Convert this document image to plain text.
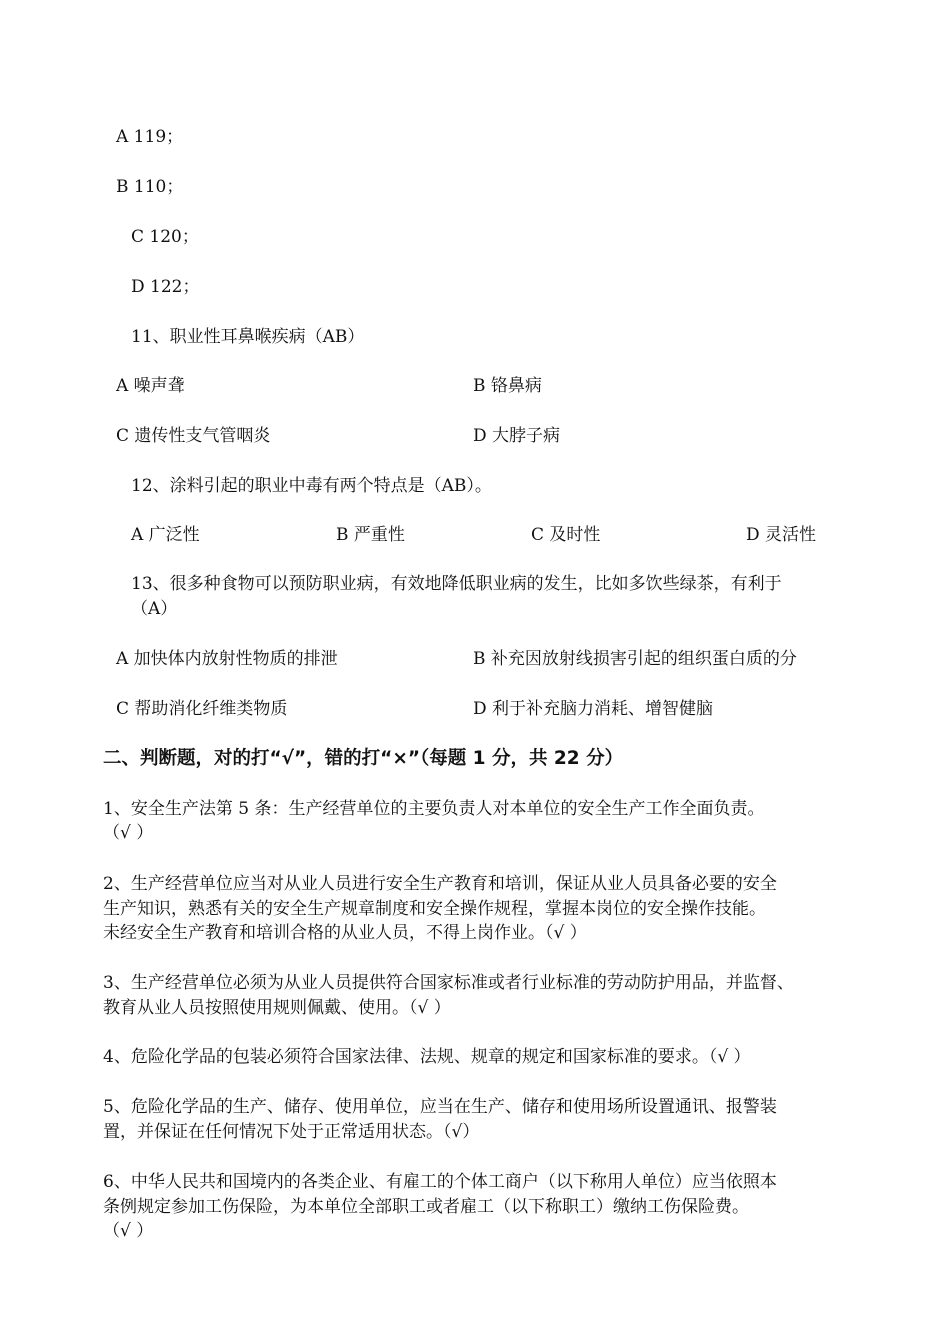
A 119；
B 110；
C 120；
D 122；
11、职业性耳鼻喉疾病（AB）
A 噪声聋	B 铬鼻病
C 遗传性支气管咽炎	D 大脖子病
12、涂料引起的职业中毒有两个特点是（AB）。
A 广泛性	B 严重性	C 及时性	D 灵活性
13、很多种食物可以预防职业病，有效地降低职业病的发生，比如多饮些绿茶，有利于
（A）
A 加快体内放射性物质的排泄	B 补充因放射线损害引起的组织蛋白质的分
C 帮助消化纤维类物质	D 利于补充脑力消耗、增智健脑
二、判断题，对的打“√”，错的打“×”（每题 1 分，共 22 分）
1、安全生产法第 5 条：生产经营单位的主要负责人对本单位的安全生产工作全面负责。
（√ ）
2、生产经营单位应当对从业人员进行安全生产教育和培训，保证从业人员具备必要的安全
生产知识，熟悉有关的安全生产规章制度和安全操作规程，掌握本岗位的安全操作技能。
未经安全生产教育和培训合格的从业人员，不得上岗作业。（√ ）
3、生产经营单位必须为从业人员提供符合国家标准或者行业标准的劳动防护用品，并监督、
教育从业人员按照使用规则佩戴、使用。（√ ）
4、危险化学品的包装必须符合国家法律、法规、规章的规定和国家标准的要求。（√ ）
5、危险化学品的生产、储存、使用单位，应当在生产、储存和使用场所设置通讯、报警装
置，并保证在任何情况下处于正常适用状态。（√）
6、中华人民共和国境内的各类企业、有雇工的个体工商户（以下称用人单位）应当依照本
条例规定参加工伤保险，为本单位全部职工或者雇工（以下称职工）缴纳工伤保险费。
（√ ）
